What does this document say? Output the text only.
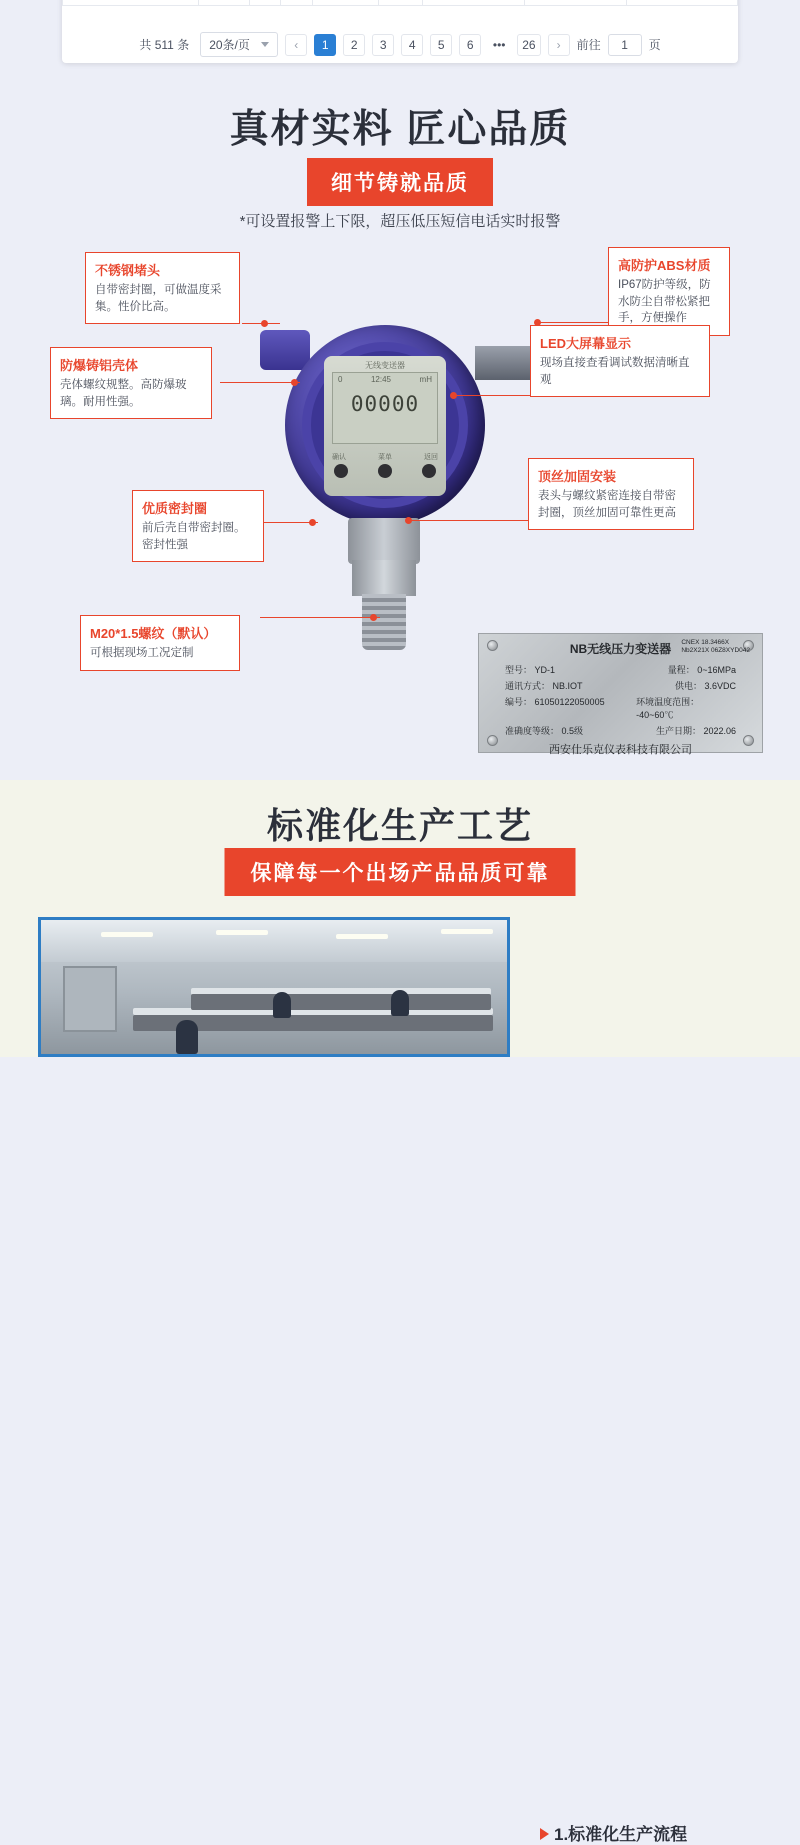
共 511 条 20条/页	‹	1	2	3	4	5	6	•••	26	›	前往 1 页
真材实料 匠心品质
细节铸就品质
*可设置报警上下限，超压低压短信电话实时报警
无线变送器
0	12:45	mH
00000
确认	菜单	返回
不锈钢堵头
自带密封圈，可做温度采集。性价比高。
防爆铸铝壳体
壳体螺纹规整。高防爆玻璃。耐用性强。
优质密封圈
前后壳自带密封圈。密封性强
M20*1.5螺纹（默认）
可根据现场工况定制
高防护ABS材质
IP67防护等级，防水防尘自带松紧把手，方便操作
LED大屏幕显示
现场直接查看调试数据清晰直观
顶丝加固安装
表头与螺纹紧密连接自带密封圈，顶丝加固可靠性更高
NB无线压力变送器	CNEX 18.3466X
Nb2X21X 06Z8XYD042
型号： YD-1	量程： 0~16MPa
通讯方式： NB.IOT	供电： 3.6VDC
编号： 61050122050005	环境温度范围： -40~60℃
准确度等级： 0.5级	生产日期： 2022.06
西安仕乐克仪表科技有限公司
标准化生产工艺
保障每一个出场产品品质可靠
1.标准化生产流程
